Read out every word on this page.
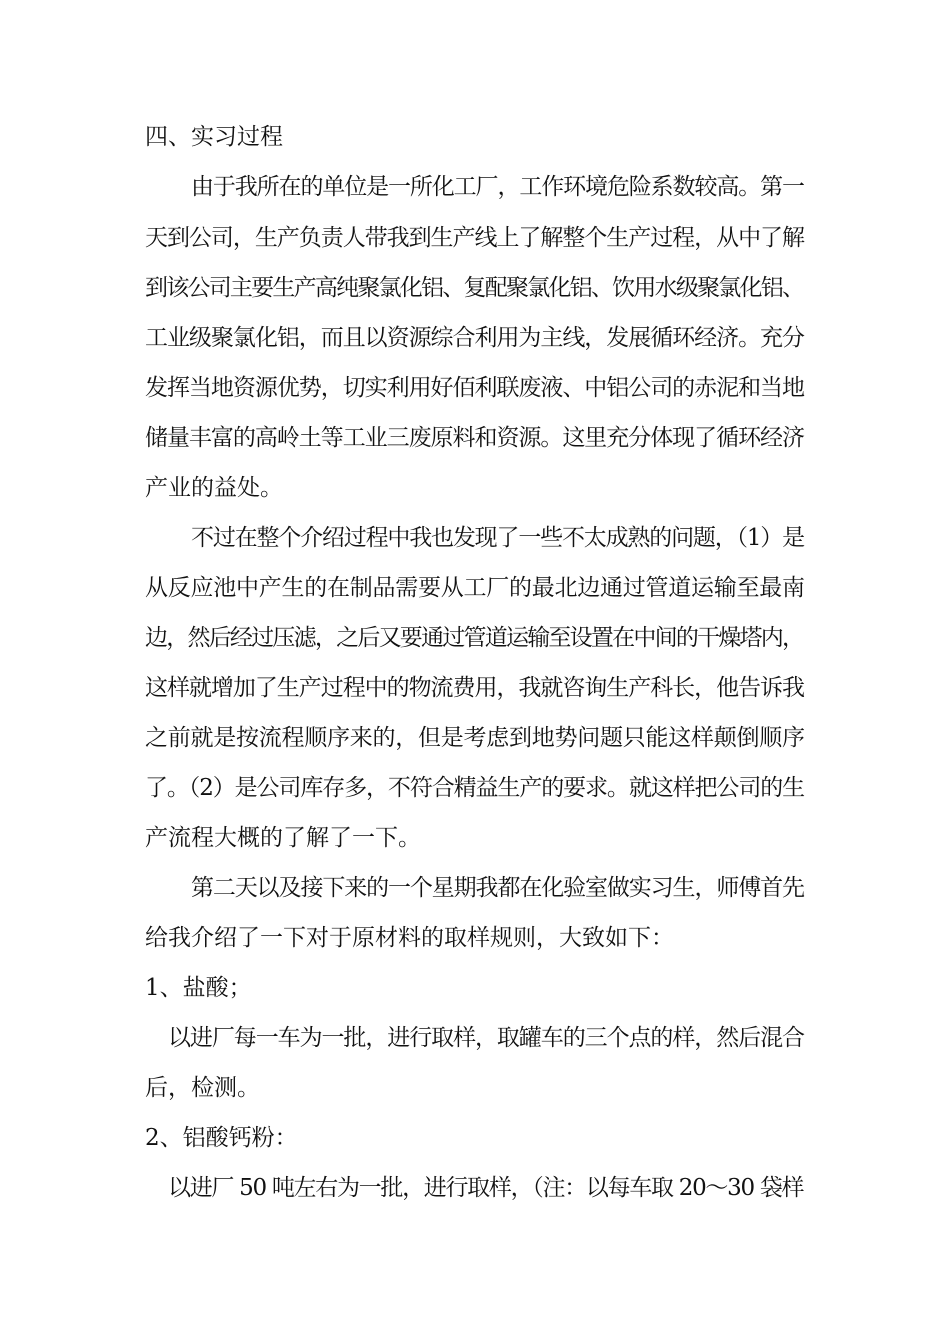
四、实习过程

由于我所在的单位是一所化工厂，工作环境危险系数较高。第一

天到公司，生产负责人带我到生产线上了解整个生产过程，从中了解

到该公司主要生产高纯聚氯化铝、复配聚氯化铝、饮用水级聚氯化铝、

工业级聚氯化铝，而且以资源综合利用为主线，发展循环经济。充分

发挥当地资源优势，切实利用好佰利联废液、中铝公司的赤泥和当地

储量丰富的高岭土等工业三废原料和资源。这里充分体现了循环经济

产业的益处。

不过在整个介绍过程中我也发现了一些不太成熟的问题，（1）是

从反应池中产生的在制品需要从工厂的最北边通过管道运输至最南

边，然后经过压滤，之后又要通过管道运输至设置在中间的干燥塔内，

这样就增加了生产过程中的物流费用，我就咨询生产科长，他告诉我

之前就是按流程顺序来的，但是考虑到地势问题只能这样颠倒顺序

了。（2）是公司库存多，不符合精益生产的要求。就这样把公司的生

产流程大概的了解了一下。

第二天以及接下来的一个星期我都在化验室做实习生，师傅首先

给我介绍了一下对于原材料的取样规则，大致如下：

1、盐酸；

以进厂每一车为一批，进行取样，取罐车的三个点的样，然后混合

后，检测。

2、铝酸钙粉：

以进厂 50 吨左右为一批，进行取样，（注：以每车取 20～30 袋样
